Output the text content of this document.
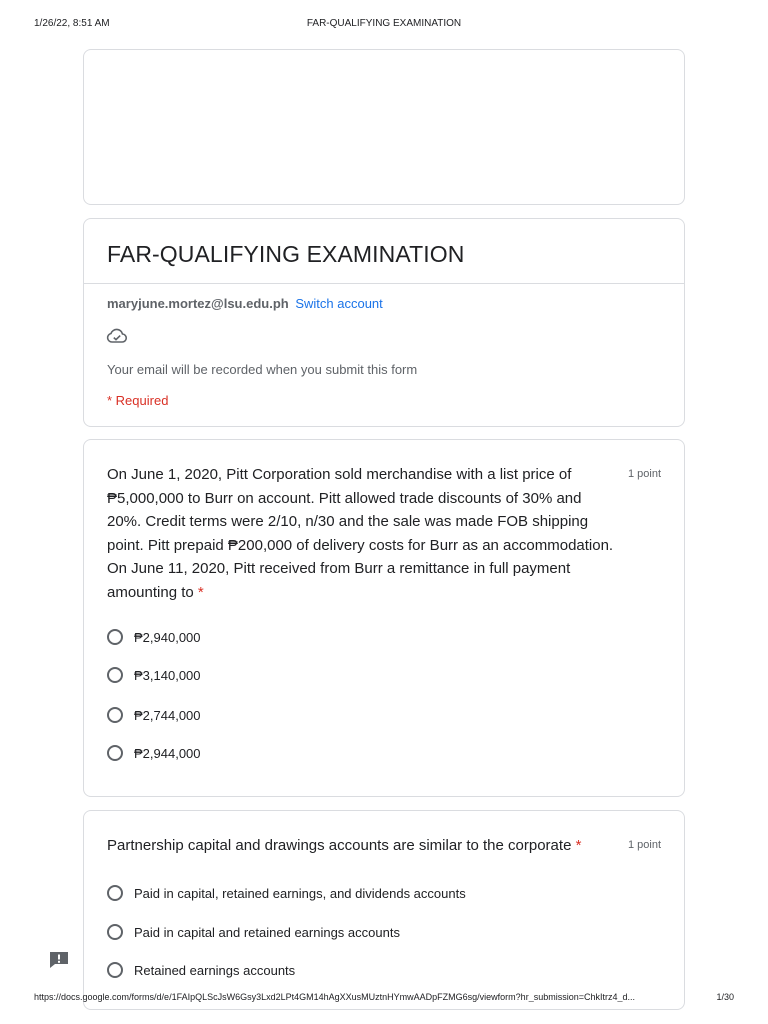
1/26/22, 8:51 AM	FAR-QUALIFYING EXAMINATION
FAR-QUALIFYING EXAMINATION
maryjune.mortez@lsu.edu.ph Switch account
Your email will be recorded when you submit this form
* Required
On June 1, 2020, Pitt Corporation sold merchandise with a list price of ₱5,000,000 to Burr on account. Pitt allowed trade discounts of 30% and 20%. Credit terms were 2/10, n/30 and the sale was made FOB shipping point. Pitt prepaid ₱200,000 of delivery costs for Burr as an accommodation. On June 11, 2020, Pitt received from Burr a remittance in full payment amounting to *
1 point
₱2,940,000
₱3,140,000
₱2,744,000
₱2,944,000
Partnership capital and drawings accounts are similar to the corporate *	1 point
Paid in capital, retained earnings, and dividends accounts
Paid in capital and retained earnings accounts
Retained earnings accounts
https://docs.google.com/forms/d/e/1FAIpQLScJsW6Gsy3Lxd2LPt4GM14hAgXXusMUztnHYmwAADpFZMG6sg/viewform?hr_submission=ChkItrz4_d...	1/30
